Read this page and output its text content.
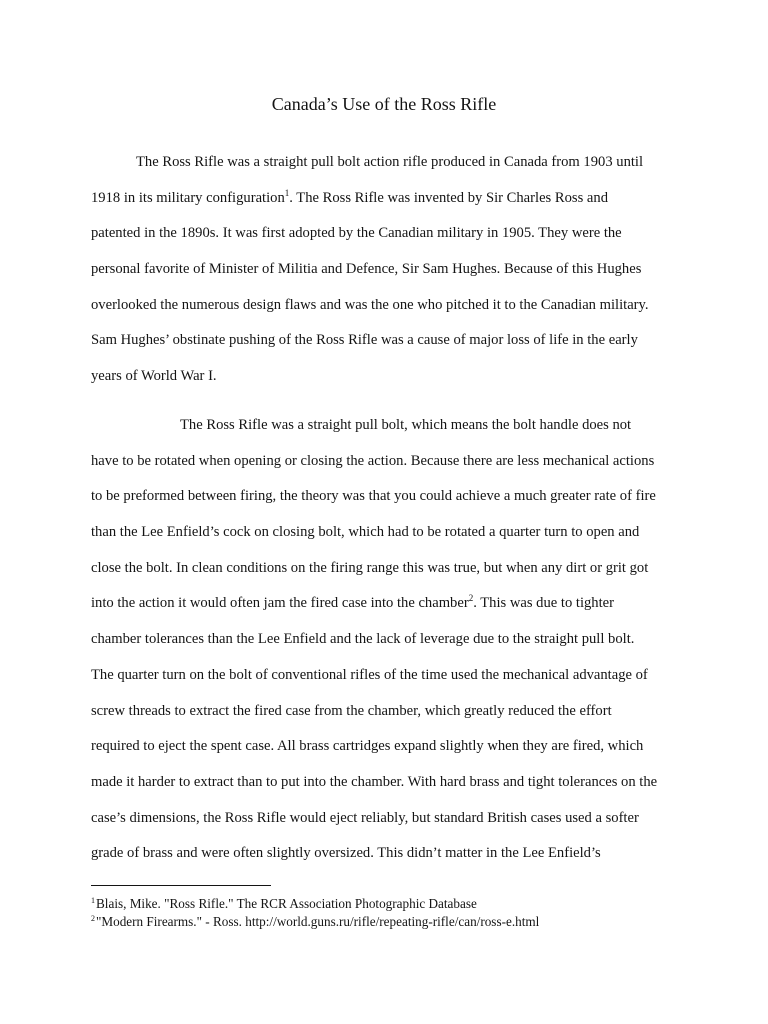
Canada’s Use of the Ross Rifle

The Ross Rifle was a straight pull bolt action rifle produced in Canada from 1903 until
1918 in its military configuration$^1$. The Ross Rifle was invented by Sir Charles Ross and
patented in the 1890s. It was first adopted by the Canadian military in 1905. They were the
personal favorite of Minister of Militia and Defence, Sir Sam Hughes. Because of this Hughes
overlooked the numerous design flaws and was the one who pitched it to the Canadian military.
Sam Hughes’ obstinate pushing of the Ross Rifle was a cause of major loss of life in the early
years of World War I.

The Ross Rifle was a straight pull bolt, which means the bolt handle does not
have to be rotated when opening or closing the action. Because there are less mechanical actions
to be preformed between firing, the theory was that you could achieve a much greater rate of fire
than the Lee Enfield’s cock on closing bolt, which had to be rotated a quarter turn to open and
close the bolt. In clean conditions on the firing range this was true, but when any dirt or grit got
into the action it would often jam the fired case into the chamber$^2$. This was due to tighter
chamber tolerances than the Lee Enfield and the lack of leverage due to the straight pull bolt.
The quarter turn on the bolt of conventional rifles of the time used the mechanical advantage of
screw threads to extract the fired case from the chamber, which greatly reduced the effort
required to eject the spent case. All brass cartridges expand slightly when they are fired, which
made it harder to extract than to put into the chamber. With hard brass and tight tolerances on the
case’s dimensions, the Ross Rifle would eject reliably, but standard British cases used a softer
grade of brass and were often slightly oversized. This didn’t matter in the Lee Enfield’s

$^1$Blais, Mike. "Ross Rifle." The RCR Association Photographic Database
$^2$"Modern Firearms." - Ross. http://world.guns.ru/rifle/repeating-rifle/can/ross-e.html
